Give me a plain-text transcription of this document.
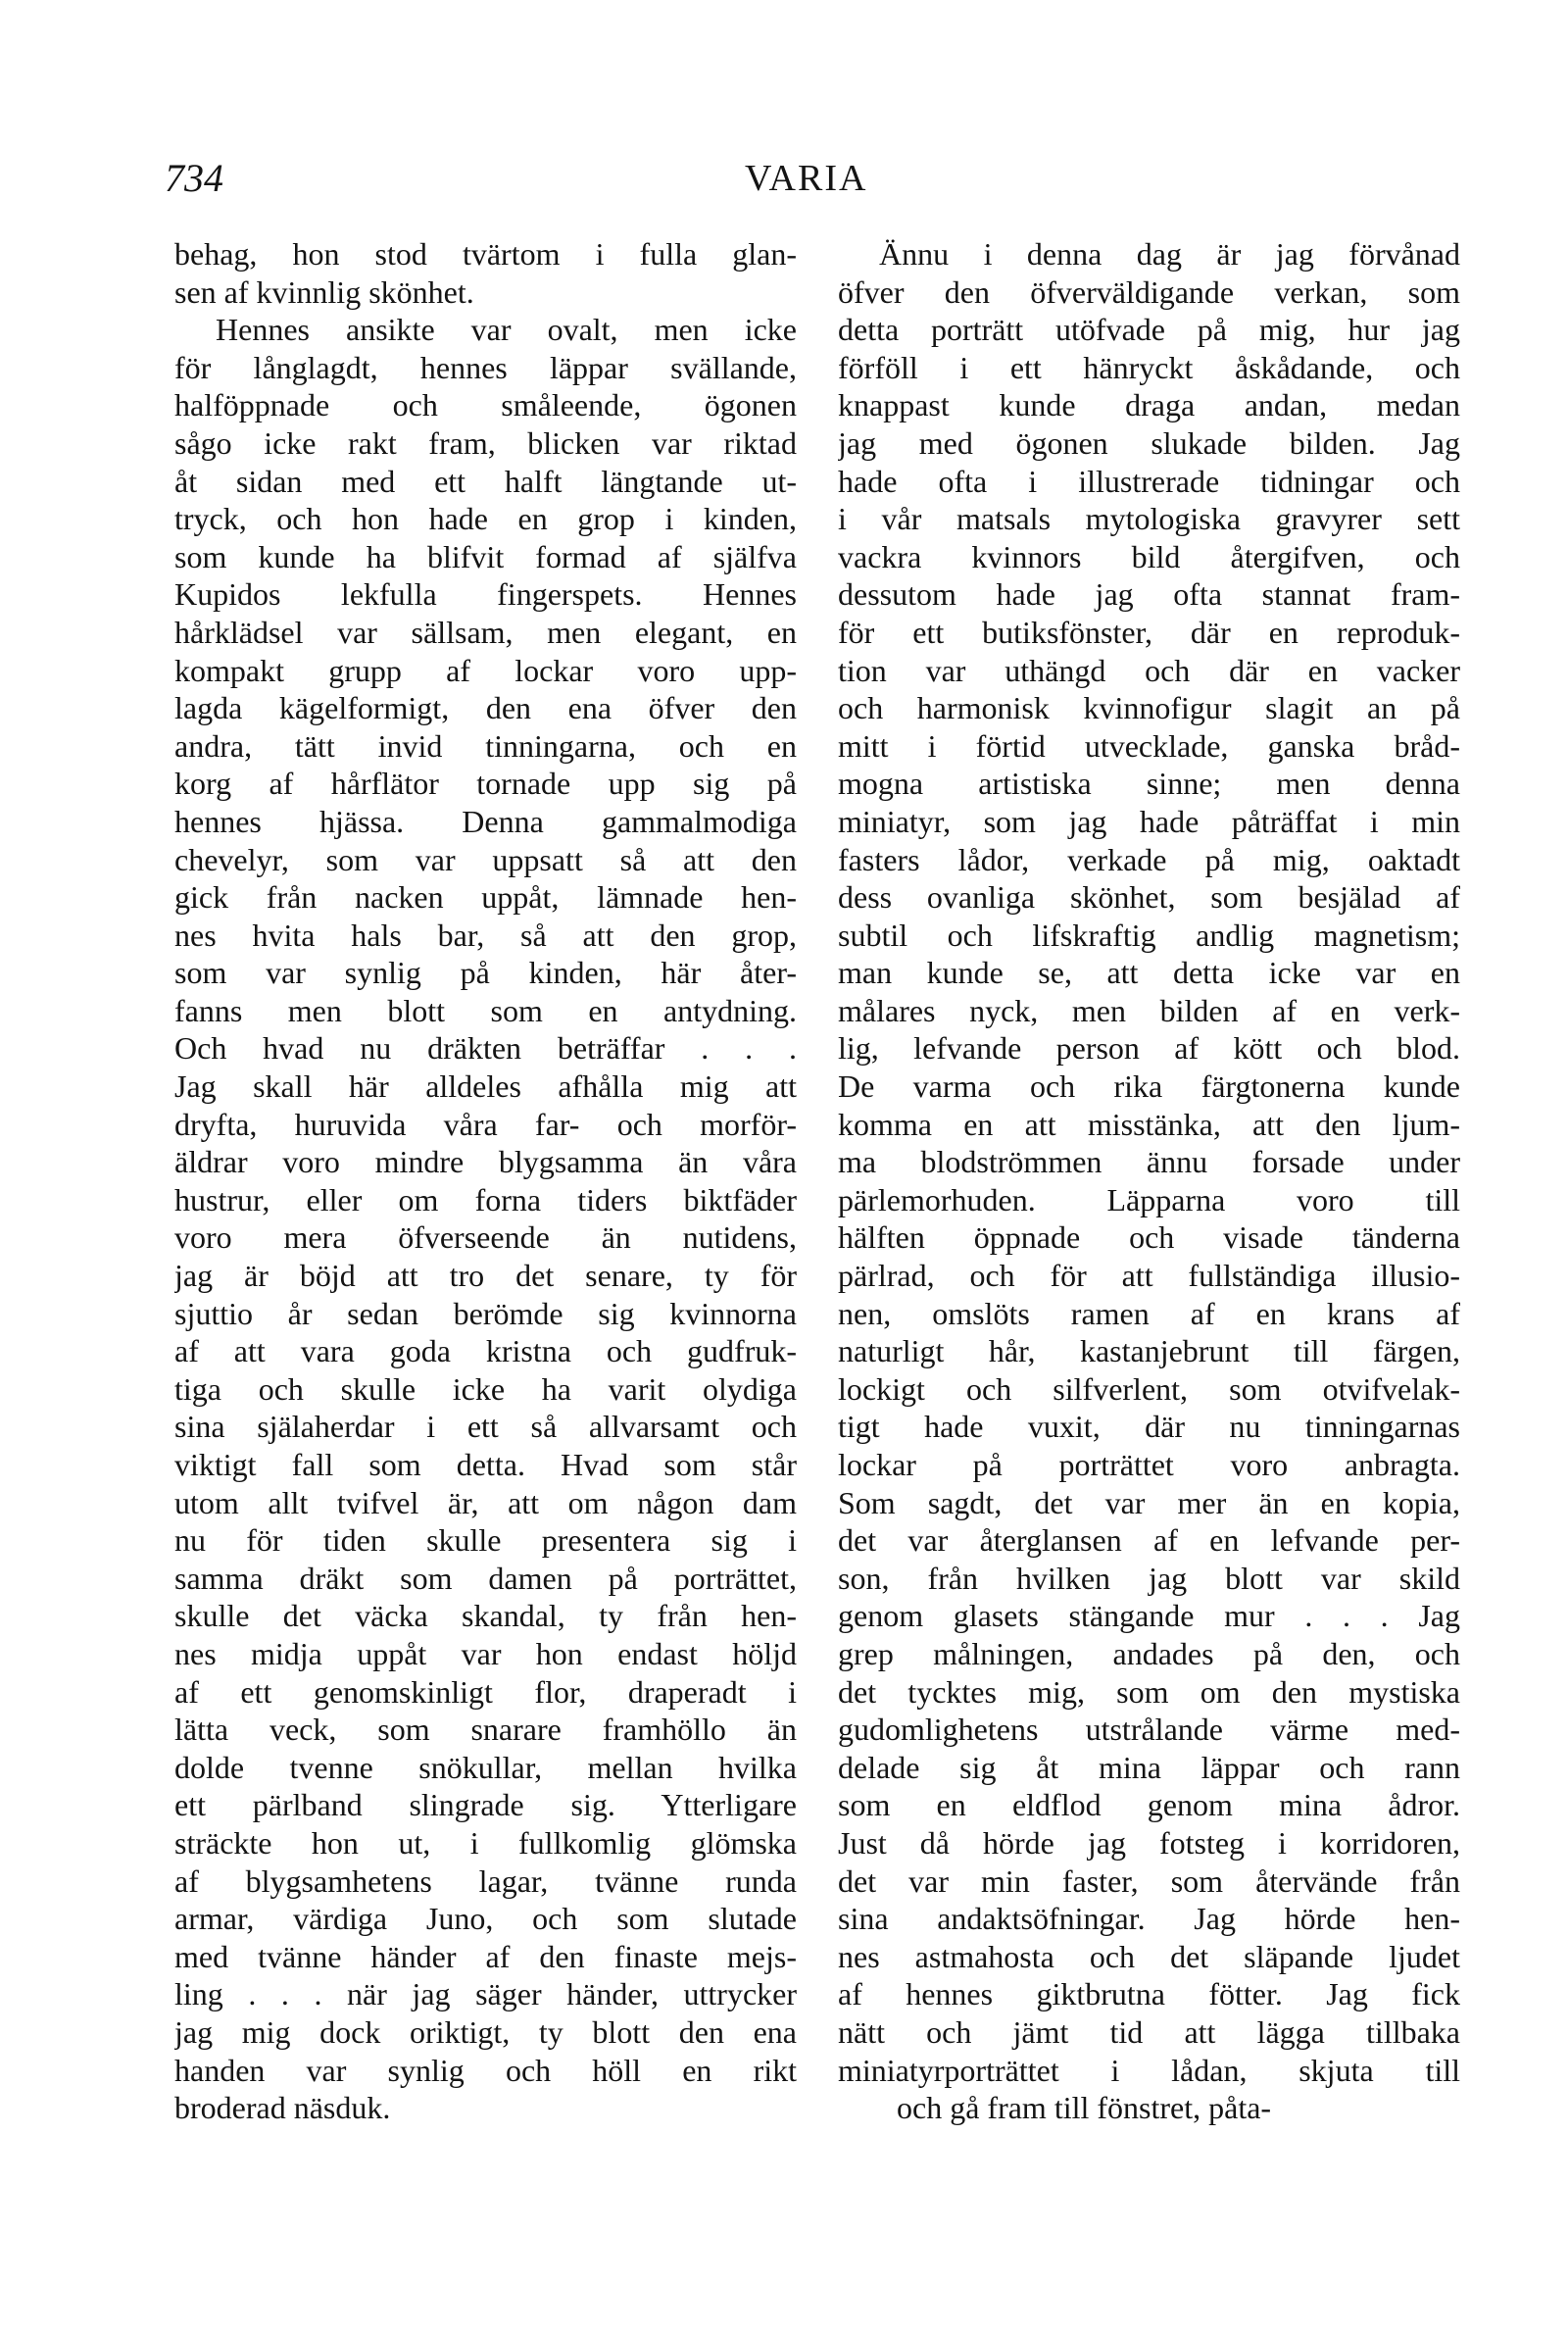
734	VARIA
behag, hon stod tvärtom i fulla glan-
sen af kvinnlig skönhet.
Hennes ansikte var ovalt, men icke
för långlagdt, hennes läppar svällande,
halföppnade och småleende, ögonen
sågo icke rakt fram, blicken var riktad
åt sidan med ett halft längtande ut-
tryck, och hon hade en grop i kinden,
som kunde ha blifvit formad af själfva
Kupidos lekfulla fingerspets. Hennes
hårklädsel var sällsam, men elegant, en
kompakt grupp af lockar voro upp-
lagda kägelformigt, den ena öfver den
andra, tätt invid tinningarna, och en
korg af hårflätor tornade upp sig på
hennes hjässa. Denna gammalmodiga
chevelyr, som var uppsatt så att den
gick från nacken uppåt, lämnade hen-
nes hvita hals bar, så att den grop,
som var synlig på kinden, här åter-
fanns men blott som en antydning.
Och hvad nu dräkten beträffar . . .
Jag skall här alldeles afhålla mig att
dryfta, huruvida våra far- och morför-
äldrar voro mindre blygsamma än våra
hustrur, eller om forna tiders biktfäder
voro mera öfverseende än nutidens,
jag är böjd att tro det senare, ty för
sjuttio år sedan berömde sig kvinnorna
af att vara goda kristna och gudfruk-
tiga och skulle icke ha varit olydiga
sina själaherdar i ett så allvarsamt och
viktigt fall som detta. Hvad som står
utom allt tvifvel är, att om någon dam
nu för tiden skulle presentera sig i
samma dräkt som damen på porträttet,
skulle det väcka skandal, ty från hen-
nes midja uppåt var hon endast höljd
af ett genomskinligt flor, draperadt i
lätta veck, som snarare framhöllo än
dolde tvenne snökullar, mellan hvilka
ett pärlband slingrade sig. Ytterligare
sträckte hon ut, i fullkomlig glömska
af blygsamhetens lagar, tvänne runda
armar, värdiga Juno, och som slutade
med tvänne händer af den finaste mejs-
ling . . . när jag säger händer, uttrycker
jag mig dock oriktigt, ty blott den ena
handen var synlig och höll en rikt
broderad näsduk.
Ännu i denna dag är jag förvånad
öfver den öfverväldigande verkan, som
detta porträtt utöfvade på mig, hur jag
förföll i ett hänryckt åskådande, och
knappast kunde draga andan, medan
jag med ögonen slukade bilden. Jag
hade ofta i illustrerade tidningar och
i vår matsals mytologiska gravyrer sett
vackra kvinnors bild återgifven, och
dessutom hade jag ofta stannat fram-
för ett butiksfönster, där en reproduk-
tion var uthängd och där en vacker
och harmonisk kvinnofigur slagit an på
mitt i förtid utvecklade, ganska bråd-
mogna artistiska sinne; men denna
miniatyr, som jag hade påträffat i min
fasters lådor, verkade på mig, oaktadt
dess ovanliga skönhet, som besjälad af
subtil och lifskraftig andlig magnetism;
man kunde se, att detta icke var en
målares nyck, men bilden af en verk-
lig, lefvande person af kött och blod.
De varma och rika färgtonerna kunde
komma en att misstänka, att den ljum-
ma blodströmmen ännu forsade under
pärlemorhuden. Läpparna voro till
hälften öppnade och visade tänderna
pärlrad, och för att fullständiga illusio-
nen, omslöts ramen af en krans af
naturligt hår, kastanjebrunt till färgen,
lockigt och silfverlent, som otvifvelak-
tigt hade vuxit, där nu tinningarnas
lockar på porträttet voro anbragta.
Som sagdt, det var mer än en kopia,
det var återglansen af en lefvande per-
son, från hvilken jag blott var skild
genom glasets stängande mur . . . Jag
grep målningen, andades på den, och
det tycktes mig, som om den mystiska
gudomlighetens utstrålande värme med-
delade sig åt mina läppar och rann
som en eldflod genom mina ådror.
Just då hörde jag fotsteg i korridoren,
det var min faster, som återvände från
sina andaktsöfningar. Jag hörde hen-
nes astmahosta och det släpande ljudet
af hennes giktbrutna fötter. Jag fick
nätt och jämt tid att lägga tillbaka
miniatyrporträttet i lådan, skjuta till
och gå fram till fönstret, påta-
